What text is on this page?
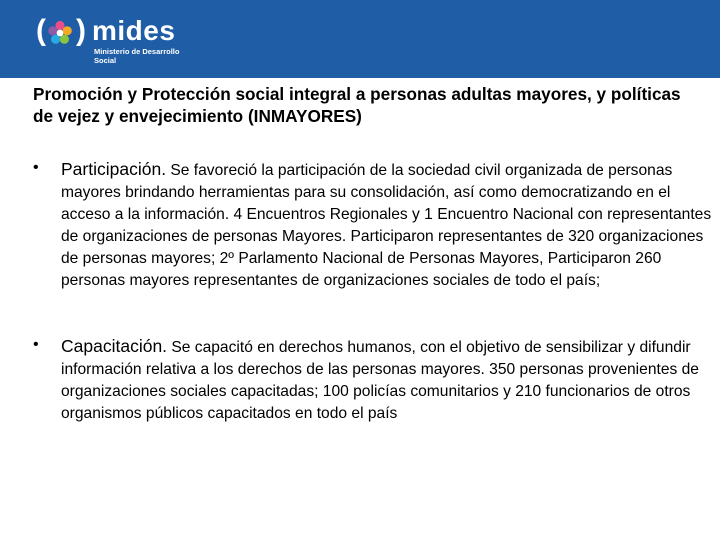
( ) mides
Ministerio de Desarrollo Social
Promoción y Protección social integral a personas adultas mayores, y políticas de vejez y envejecimiento (INMAYORES)
• Participación. Se favoreció la participación de la sociedad civil organizada de personas mayores brindando herramientas para su consolidación, así como democratizando en el acceso a la información. 4 Encuentros Regionales y 1 Encuentro Nacional con representantes de organizaciones de personas Mayores. Participaron representantes de 320 organizaciones de personas mayores; 2º Parlamento Nacional de Personas Mayores, Participaron 260 personas mayores representantes de organizaciones sociales de todo el país;
• Capacitación. Se capacitó en derechos humanos, con el objetivo de sensibilizar y difundir información relativa a los derechos de las personas mayores. 350 personas provenientes de organizaciones sociales capacitadas; 100 policías comunitarios y 210 funcionarios de otros organismos públicos capacitados en todo el país
